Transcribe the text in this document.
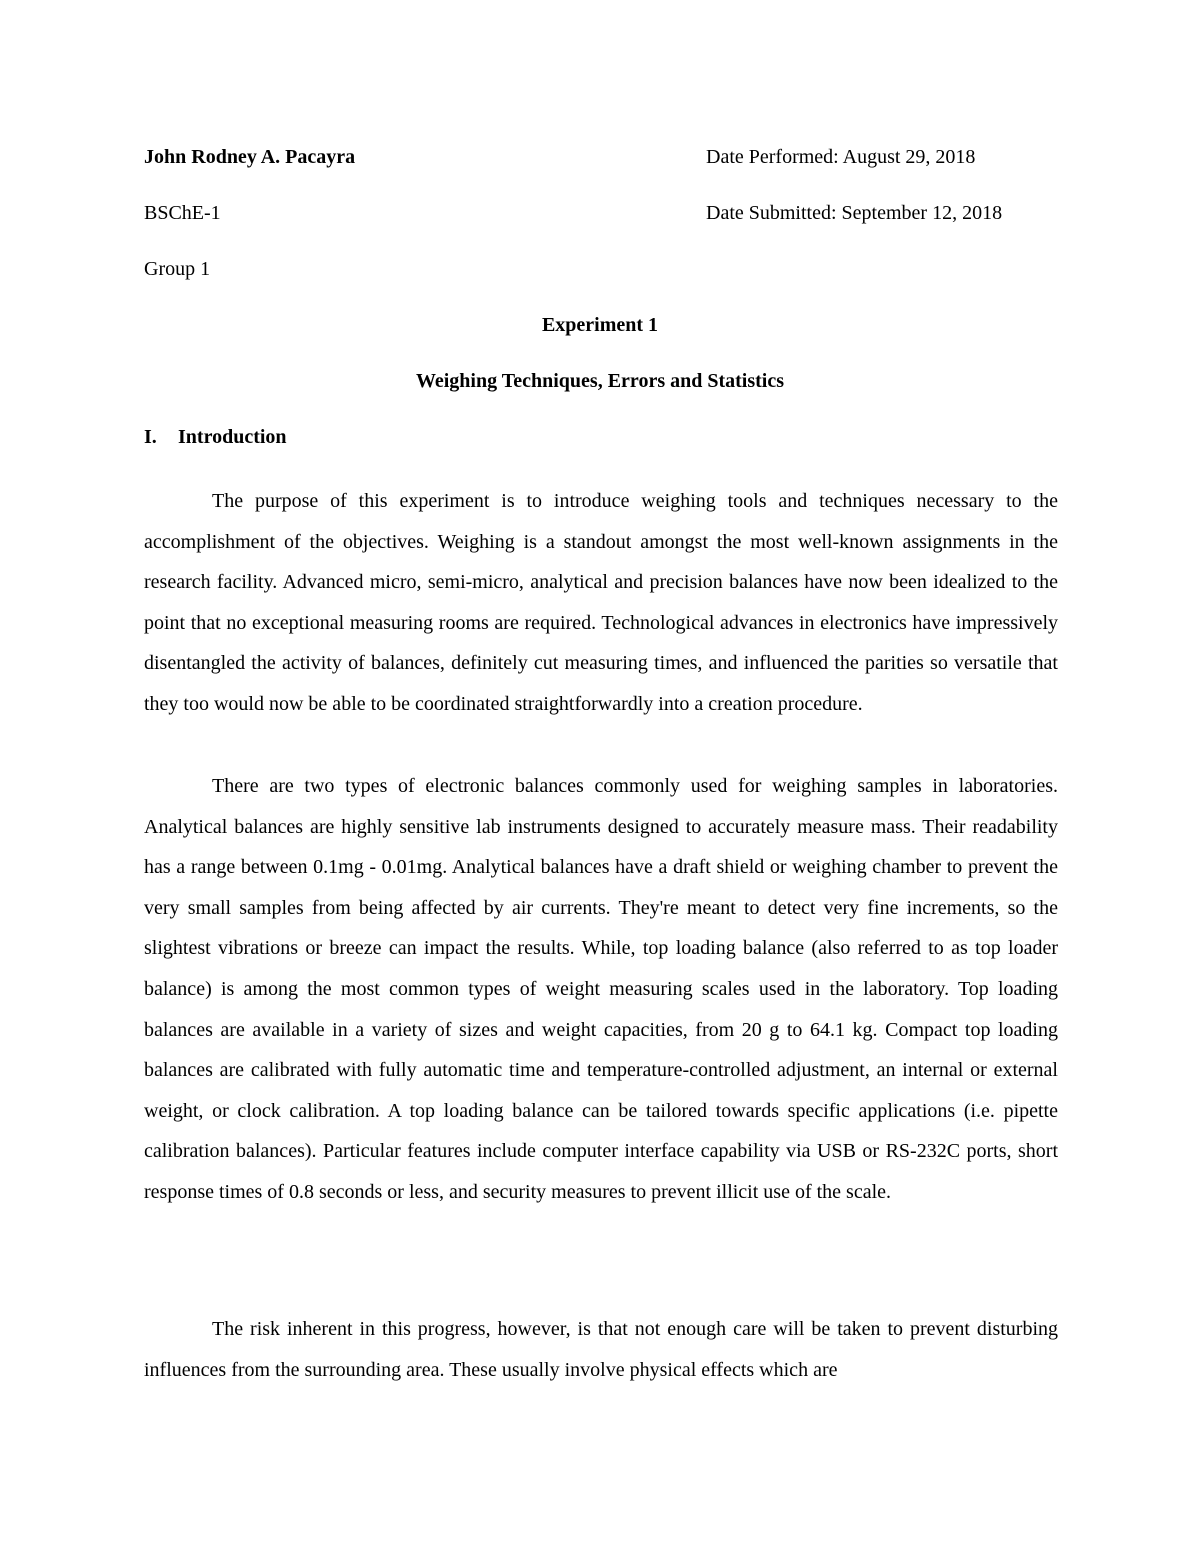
John Rodney A. Pacayra	Date Performed: August 29, 2018
BSChE-1	Date Submitted: September 12, 2018
Group 1
Experiment 1
Weighing Techniques, Errors and Statistics
I. Introduction

The purpose of this experiment is to introduce weighing tools and techniques necessary to the accomplishment of the objectives. Weighing is a standout amongst the most well-known assignments in the research facility. Advanced micro, semi-micro, analytical and precision balances have now been idealized to the point that no exceptional measuring rooms are required. Technological advances in electronics have impressively disentangled the activity of balances, definitely cut measuring times, and influenced the parities so versatile that they too would now be able to be coordinated straightforwardly into a creation procedure.

There are two types of electronic balances commonly used for weighing samples in laboratories. Analytical balances are highly sensitive lab instruments designed to accurately measure mass. Their readability has a range between 0.1mg - 0.01mg. Analytical balances have a draft shield or weighing chamber to prevent the very small samples from being affected by air currents. They're meant to detect very fine increments, so the slightest vibrations or breeze can impact the results. While, top loading balance (also referred to as top loader balance) is among the most common types of weight measuring scales used in the laboratory. Top loading balances are available in a variety of sizes and weight capacities, from 20 g to 64.1 kg. Compact top loading balances are calibrated with fully automatic time and temperature-controlled adjustment, an internal or external weight, or clock calibration. A top loading balance can be tailored towards specific applications (i.e. pipette calibration balances). Particular features include computer interface capability via USB or RS-232C ports, short response times of 0.8 seconds or less, and security measures to prevent illicit use of the scale.

The risk inherent in this progress, however, is that not enough care will be taken to prevent disturbing influences from the surrounding area. These usually involve physical effects which are
